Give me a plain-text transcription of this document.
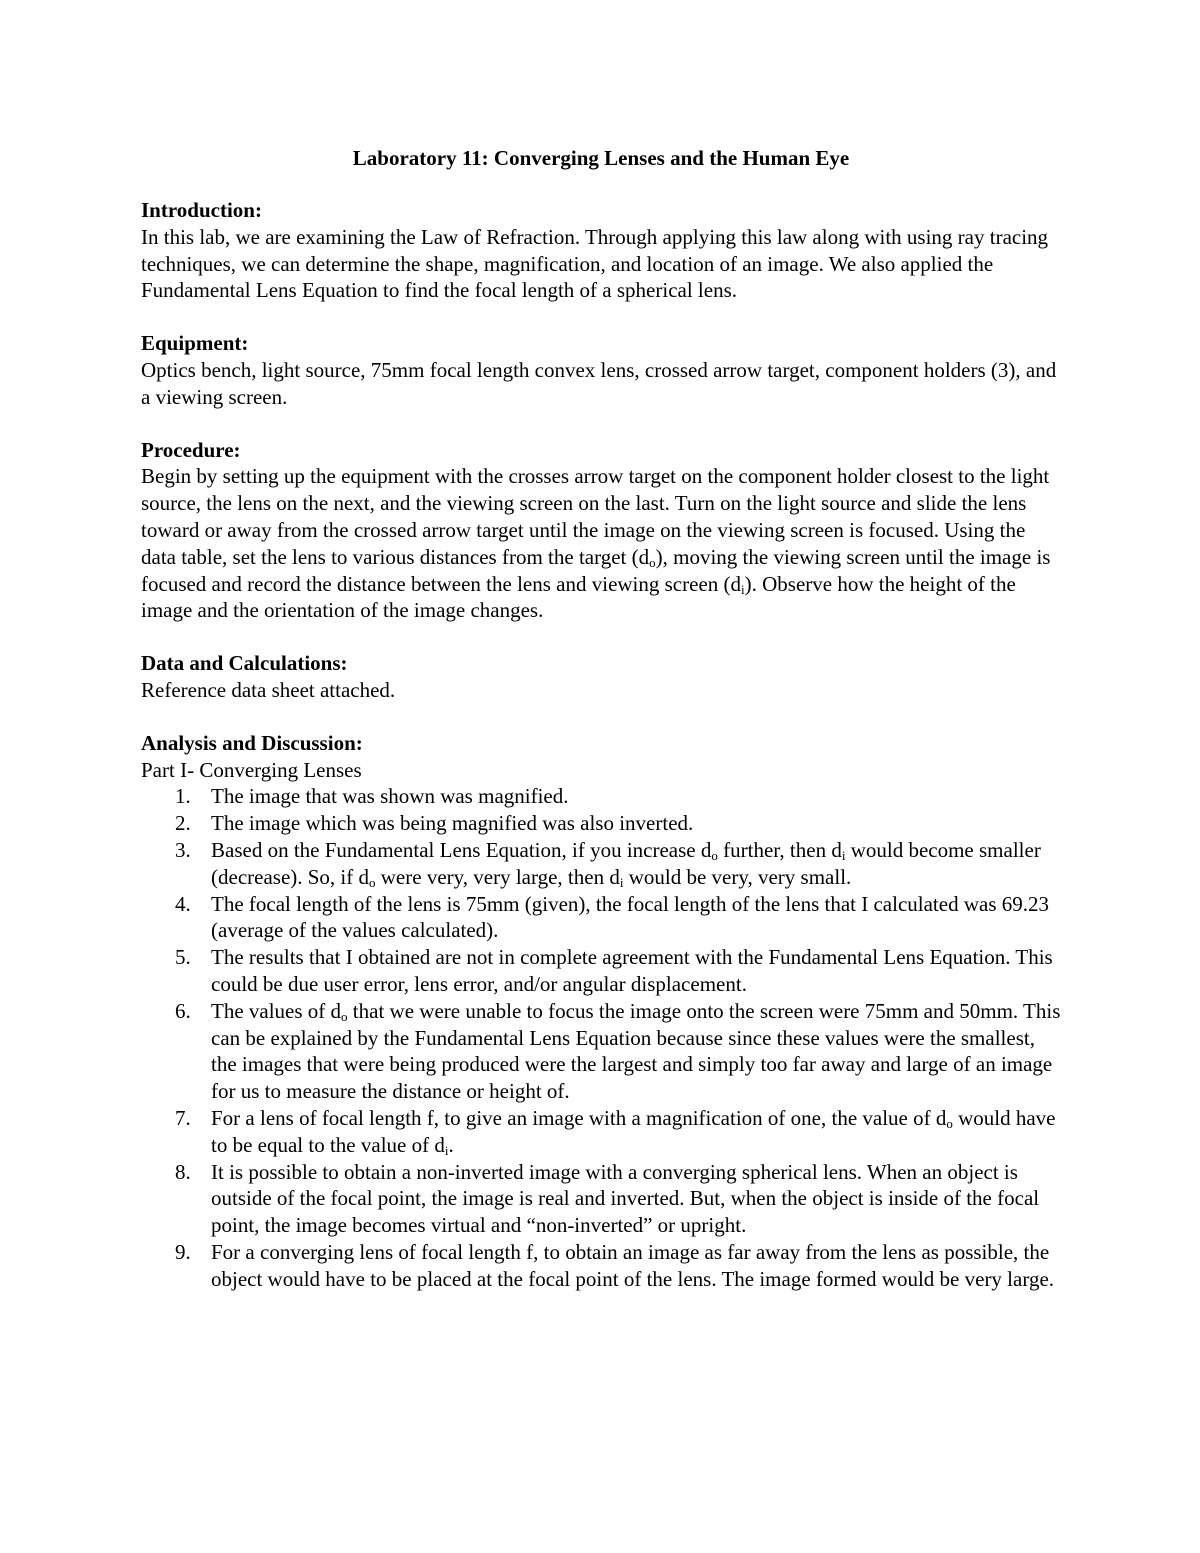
Laboratory 11: Converging Lenses and the Human Eye
Introduction:

In this lab, we are examining the Law of Refraction. Through applying this law along with using ray tracing techniques, we can determine the shape, magnification, and location of an image. We also applied the Fundamental Lens Equation to find the focal length of a spherical lens.

Equipment:

Optics bench, light source, 75mm focal length convex lens, crossed arrow target, component holders (3), and a viewing screen.

Procedure:

Begin by setting up the equipment with the crosses arrow target on the component holder closest to the light source, the lens on the next, and the viewing screen on the last. Turn on the light source and slide the lens toward or away from the crossed arrow target until the image on the viewing screen is focused. Using the data table, set the lens to various distances from the target $(d_o)$, moving the viewing screen until the image is focused and record the distance between the lens and viewing screen $(d_i)$. Observe how the height of the image and the orientation of the image changes.

Data and Calculations:

Reference data sheet attached.

Analysis and Discussion:
Part I- Converging Lenses
1. The image that was shown was magnified.
2. The image which was being magnified was also inverted.
3. Based on the Fundamental Lens Equation, if you increase $d_o$ further, then $d_i$ would become smaller (decrease). So, if $d_o$ were very, very large, then $d_i$ would be very, very small.
4. The focal length of the lens is 75mm (given), the focal length of the lens that I calculated was 69.23 (average of the values calculated).
5. The results that I obtained are not in complete agreement with the Fundamental Lens Equation. This could be due user error, lens error, and/or angular displacement.
6. The values of $d_o$ that we were unable to focus the image onto the screen were 75mm and 50mm. This can be explained by the Fundamental Lens Equation because since these values were the smallest, the images that were being produced were the largest and simply too far away and large of an image for us to measure the distance or height of.
7. For a lens of focal length f, to give an image with a magnification of one, the value of $d_o$ would have to be equal to the value of $d_i$.
8. It is possible to obtain a non-inverted image with a converging spherical lens. When an object is outside of the focal point, the image is real and inverted. But, when the object is inside of the focal point, the image becomes virtual and “non-inverted” or upright.
9. For a converging lens of focal length f, to obtain an image as far away from the lens as possible, the object would have to be placed at the focal point of the lens. The image formed would be very large.
